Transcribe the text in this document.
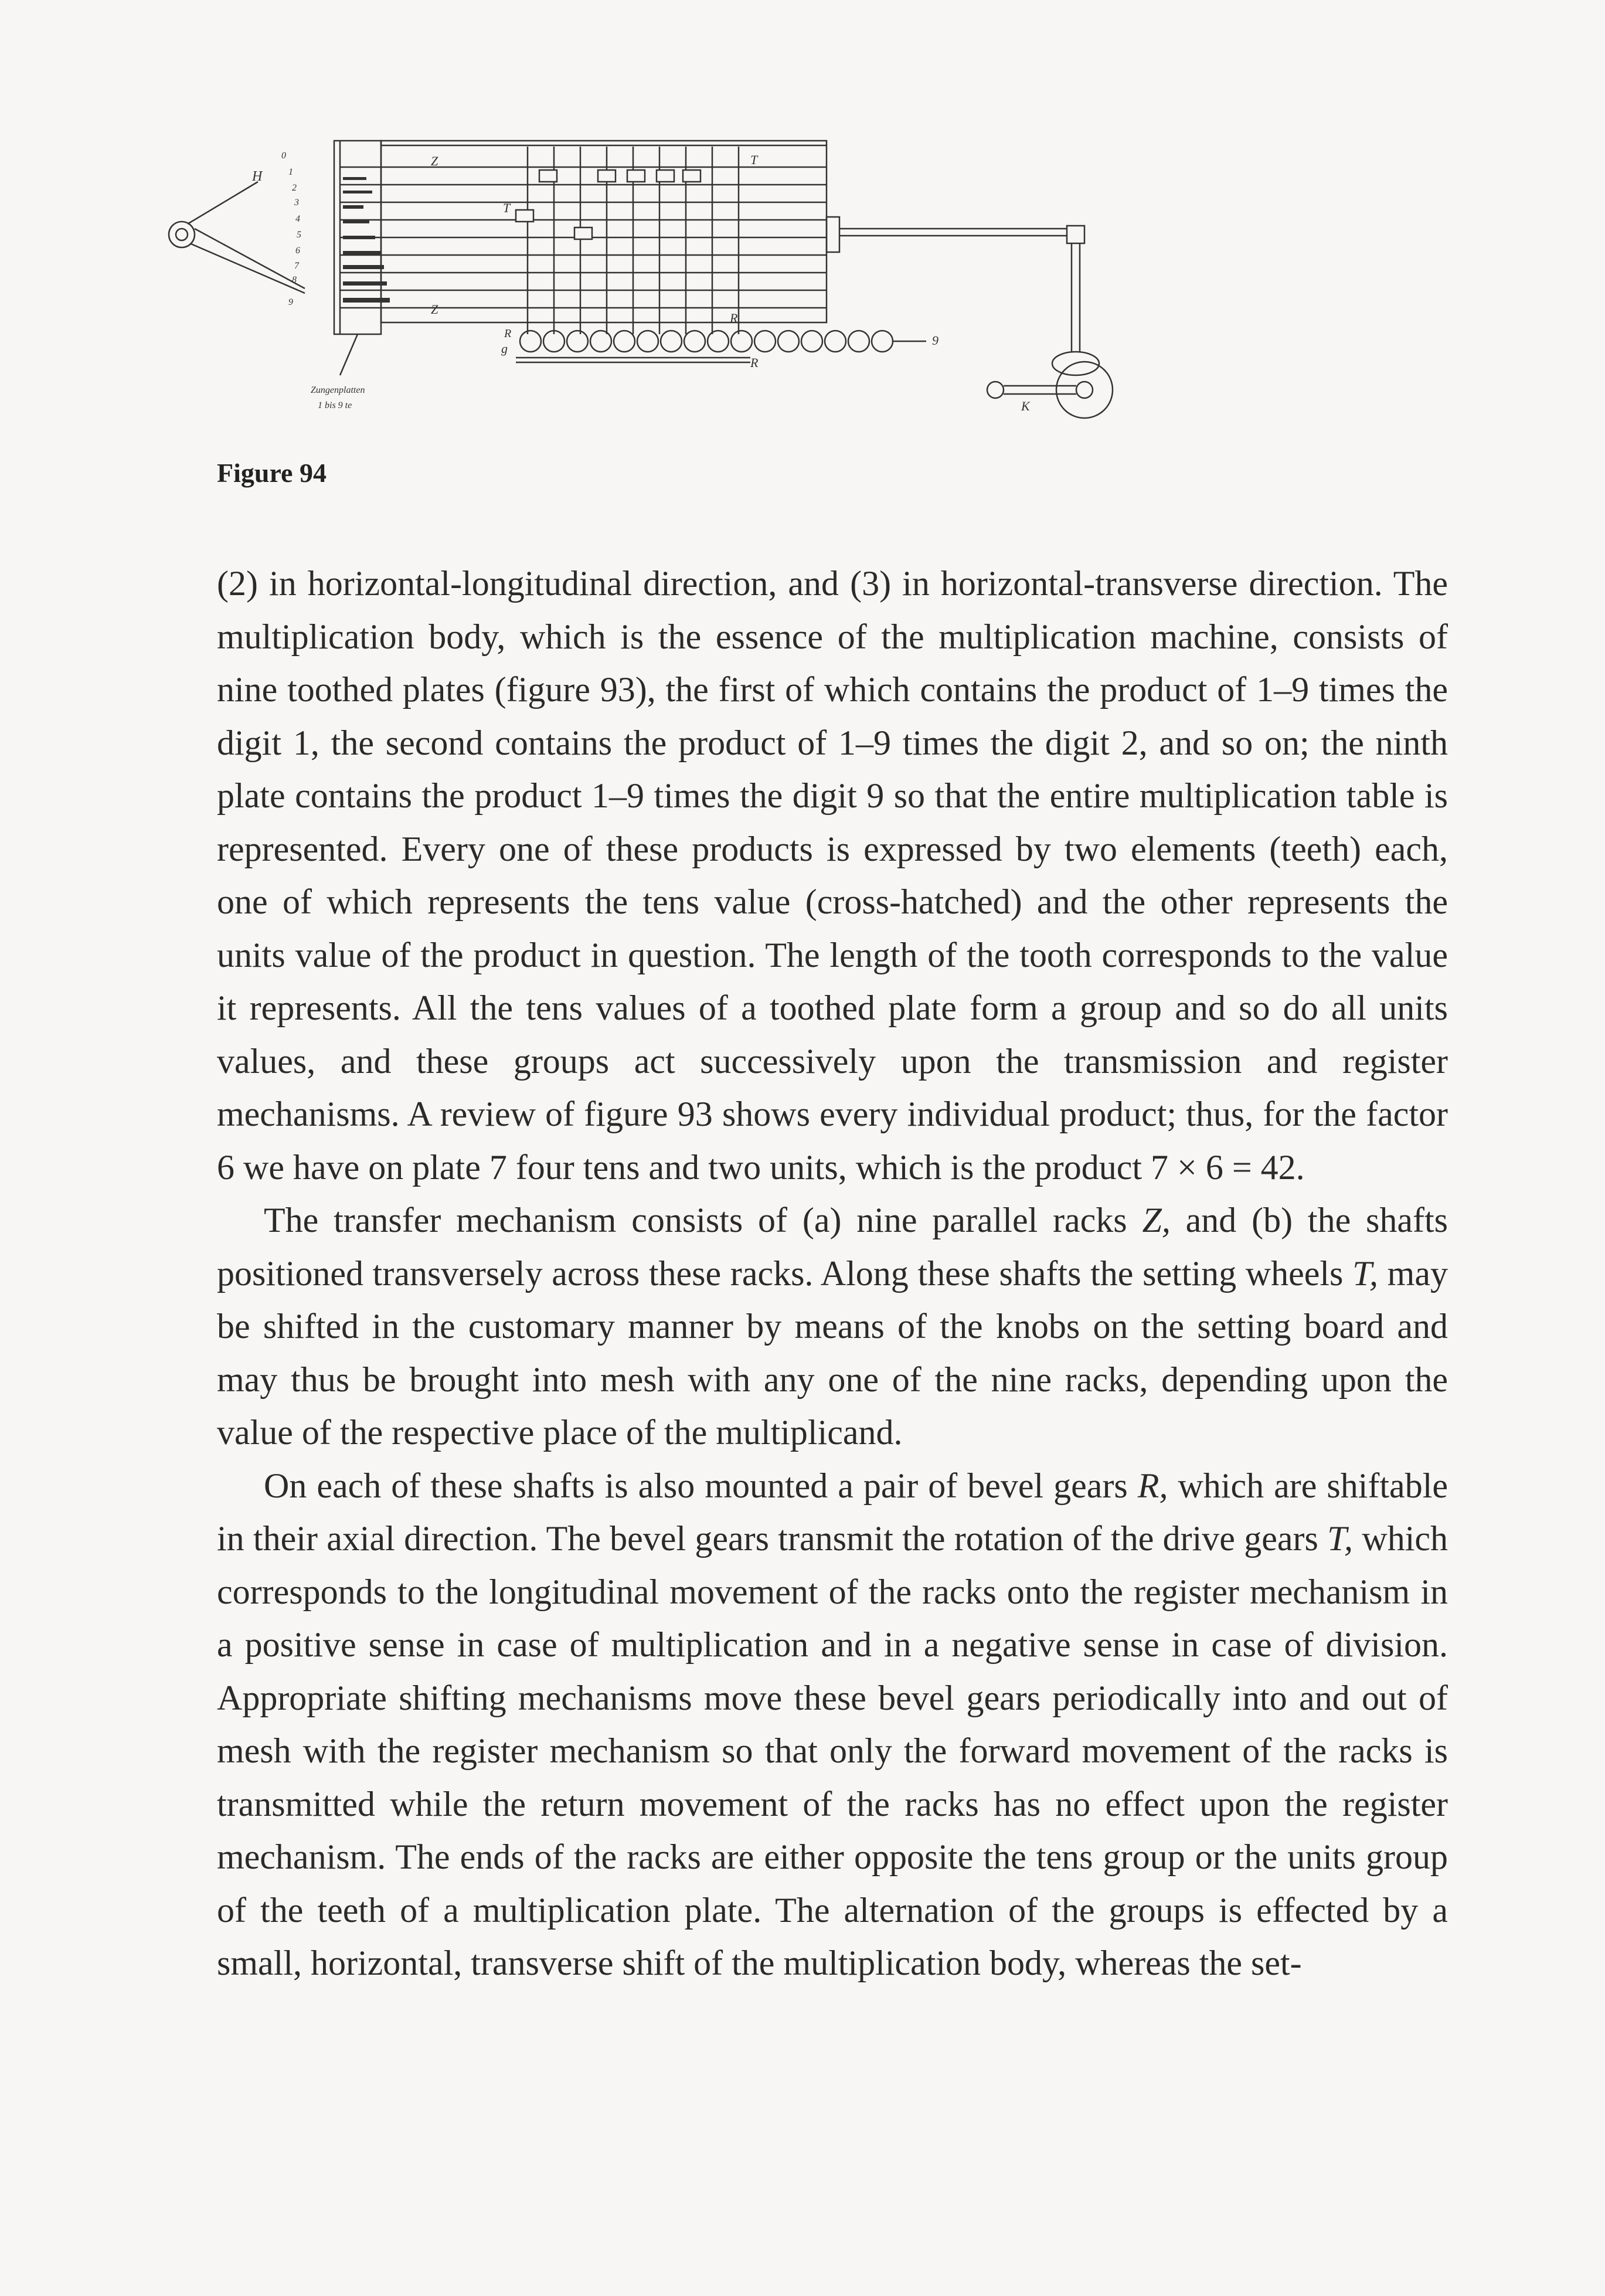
H
Z
Z
T
T
R
R
R
g
9
K
0
1
2
3
4
5
6
7
8
9
Zungenplatten
1 bis 9 te
Figure 94

(2) in horizontal-longitudinal direction, and (3) in horizontal-transverse direction. The multiplication body, which is the essence of the multiplication machine, consists of nine toothed plates (figure 93), the first of which contains the product of 1–9 times the digit 1, the second contains the product of 1–9 times the digit 2, and so on; the ninth plate contains the product 1–9 times the digit 9 so that the entire multiplication table is represented. Every one of these products is expressed by two elements (teeth) each, one of which represents the tens value (cross-hatched) and the other represents the units value of the product in question. The length of the tooth corresponds to the value it represents. All the tens values of a toothed plate form a group and so do all units values, and these groups act successively upon the transmission and register mechanisms. A review of figure 93 shows every individual product; thus, for the factor 6 we have on plate 7 four tens and two units, which is the product 7 × 6 = 42.

The transfer mechanism consists of (a) nine parallel racks Z, and (b) the shafts positioned transversely across these racks. Along these shafts the setting wheels T, may be shifted in the customary manner by means of the knobs on the setting board and may thus be brought into mesh with any one of the nine racks, depending upon the value of the respective place of the multiplicand.

On each of these shafts is also mounted a pair of bevel gears R, which are shiftable in their axial direction. The bevel gears transmit the rotation of the drive gears T, which corresponds to the longitudinal movement of the racks onto the register mechanism in a positive sense in case of multiplication and in a negative sense in case of division. Appropriate shifting mechanisms move these bevel gears periodically into and out of mesh with the register mechanism so that only the forward movement of the racks is transmitted while the return movement of the racks has no effect upon the register mechanism. The ends of the racks are either opposite the tens group or the units group of the teeth of a multiplication plate. The alternation of the groups is effected by a small, horizontal, transverse shift of the multiplication body, whereas the set-
